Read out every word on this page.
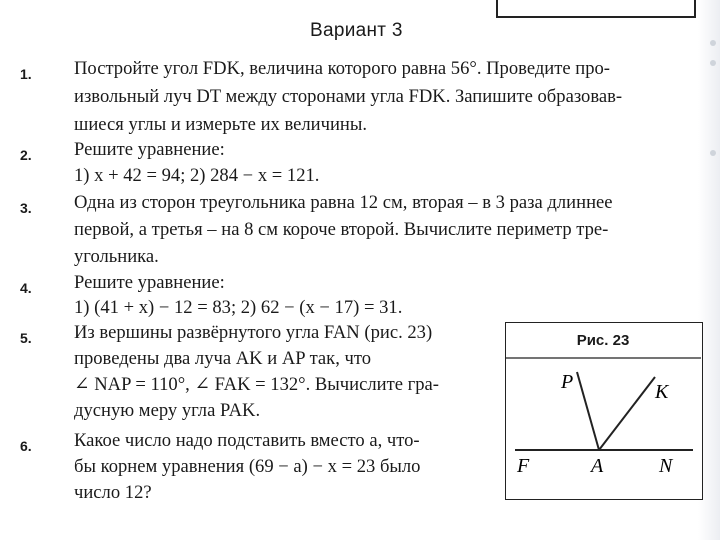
Вариант 3
1. Постройте угол FDK, величина которого равна 56°. Проведите про-
извольный луч DT между сторонами угла FDK. Запишите образовав-
шиеся углы и измерьте их величины.
2. Решите уравнение:
1) x + 42 = 94; 2) 284 − x = 121.
3. Одна из сторон треугольника равна 12 см, вторая – в 3 раза длиннее
первой, а третья – на 8 см короче второй. Вычислите периметр тре-
угольника.
4. Решите уравнение:
1) (41 + x) − 12 = 83; 2) 62 − (x − 17) = 31.
5. Из вершины развёрнутого угла FAN (рис. 23)
проведены два луча AK и AP так, что
∠ NAP = 110°, ∠ FAK = 132°. Вычислите гра-
дусную меру угла PAK.
6. Какое число надо подставить вместо a, что-
бы корнем уравнения (69 − a) − x = 23 было
число 12?
P	K
F	A	N
Рис. 23
